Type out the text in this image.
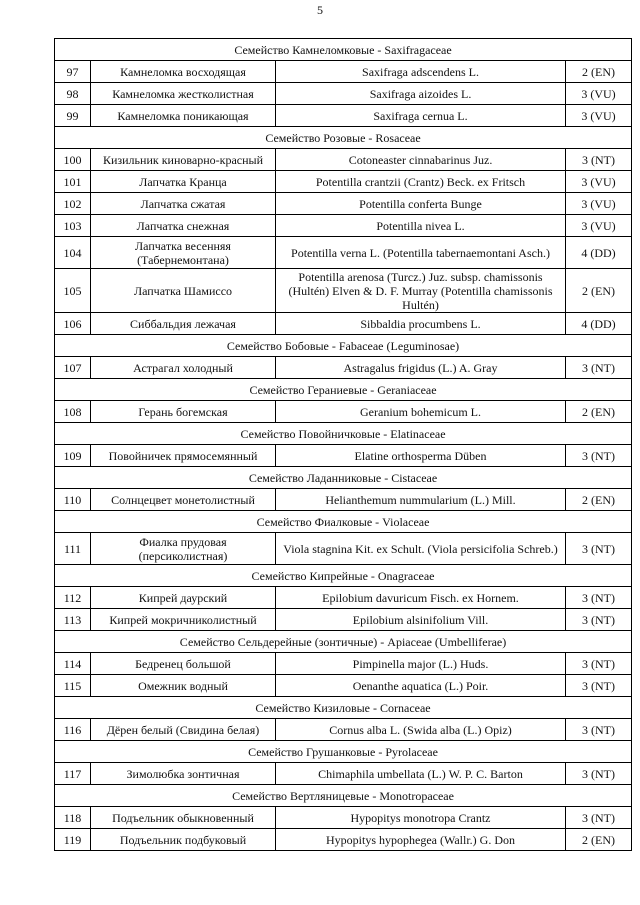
5
Семейство Камнеломковые - Saxifragaceae			
97	Камнеломка восходящая	Saxifraga adscendens L.	2 (EN)
98	Камнеломка жестколистная	Saxifraga aizoides L.	3 (VU)
99	Камнеломка поникающая	Saxifraga cernua L.	3 (VU)
Семейство Розовые - Rosaceae			
100	Кизильник киноварно-красный	Cotoneaster cinnabarinus Juz.	3 (NT)
101	Лапчатка Кранца	Potentilla crantzii (Crantz) Beck. ex Fritsch	3 (VU)
102	Лапчатка сжатая	Potentilla conferta Bunge	3 (VU)
103	Лапчатка снежная	Potentilla nivea L.	3 (VU)
104	Лапчатка весенняя (Табернемонтана)	Potentilla verna L. (Potentilla tabernaemontani Asch.)	4 (DD)
105	Лапчатка Шамиссо	Potentilla arenosa (Turcz.) Juz. subsp. chamissonis (Hultén) Elven & D. F. Murray (Potentilla chamissonis Hultén)	2 (EN)
106	Сиббальдия лежачая	Sibbaldia procumbens L.	4 (DD)
Семейство Бобовые - Fabaceae (Leguminosae)			
107	Астрагал холодный	Astragalus frigidus (L.) A. Gray	3 (NT)
Семейство Гераниевые - Geraniaceae			
108	Герань богемская	Geranium bohemicum L.	2 (EN)
Семейство Повойничковые - Elatinaceae			
109	Повойничек прямосемянный	Elatine orthosperma Düben	3 (NT)
Семейство Ладанниковые - Cistaceae			
110	Солнцецвет монетолистный	Helianthemum nummularium (L.) Mill.	2 (EN)
Семейство Фиалковые - Violaceae			
111	Фиалка прудовая (персиколистная)	Viola stagnina Kit. ex Schult. (Viola persicifolia Schreb.)	3 (NT)
Семейство Кипрейные - Onagraceae			
112	Кипрей даурский	Epilobium davuricum Fisch. ex Hornem.	3 (NT)
113	Кипрей мокричниколистный	Epilobium alsinifolium Vill.	3 (NT)
Семейство Сельдерейные (зонтичные) - Apiaceae (Umbelliferae)			
114	Бедренец большой	Pimpinella major (L.) Huds.	3 (NT)
115	Омежник водный	Oenanthe aquatica (L.) Poir.	3 (NT)
Семейство Кизиловые - Cornaceae			
116	Дёрен белый (Свидина белая)	Cornus alba L. (Swida alba (L.) Opiz)	3 (NT)
Семейство Грушанковые - Pyrolaceae			
117	Зимолюбка зонтичная	Chimaphila umbellata (L.) W. P. C. Barton	3 (NT)
Семейство Вертляницевые - Monotropaceae			
118	Подъельник обыкновенный	Hypopitys monotropa Crantz	3 (NT)
119	Подъельник подбуковый	Hypopitys hypophegea (Wallr.) G. Don	2 (EN)
